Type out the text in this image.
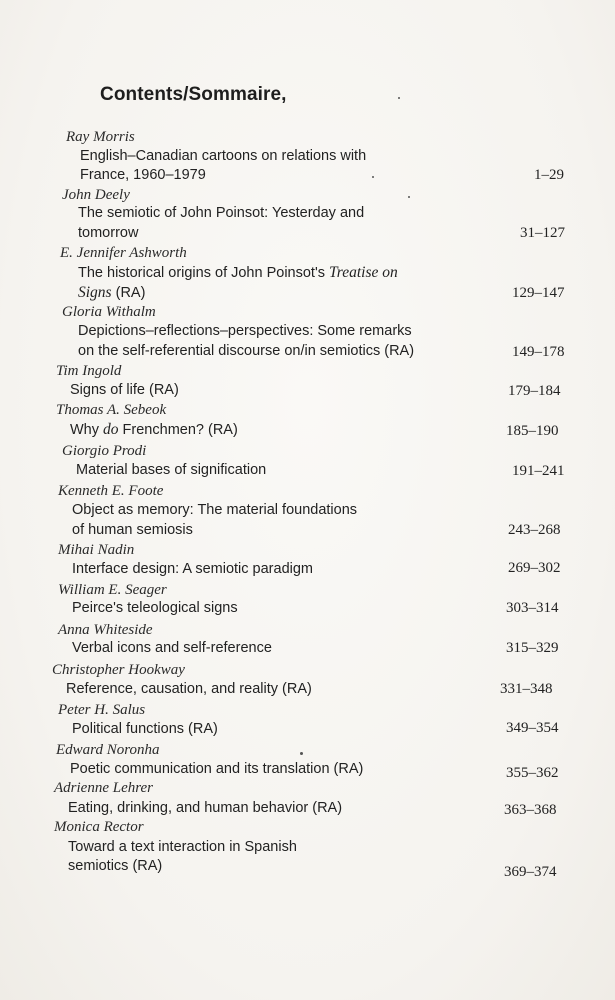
Contents/Sommaire,
Ray Morris
English–Canadian cartoons on relations with
France, 1960–1979	1–29
John Deely
The semiotic of John Poinsot: Yesterday and
tomorrow	31–127
E. Jennifer Ashworth
The historical origins of John Poinsot's Treatise on
Signs (RA)	129–147
Gloria Withalm
Depictions–reflections–perspectives: Some remarks
on the self-referential discourse on/in semiotics (RA)	149–178
Tim Ingold
Signs of life (RA)	179–184
Thomas A. Sebeok
Why do Frenchmen? (RA)	185–190
Giorgio Prodi
Material bases of signification	191–241
Kenneth E. Foote
Object as memory: The material foundations
of human semiosis	243–268
Mihai Nadin
Interface design: A semiotic paradigm	269–302
William E. Seager
Peirce's teleological signs	303–314
Anna Whiteside
Verbal icons and self-reference	315–329
Christopher Hookway
Reference, causation, and reality (RA)	331–348
Peter H. Salus
Political functions (RA)	349–354
Edward Noronha
Poetic communication and its translation (RA)	355–362
Adrienne Lehrer
Eating, drinking, and human behavior (RA)	363–368
Monica Rector
Toward a text interaction in Spanish
semiotics (RA)	369–374
